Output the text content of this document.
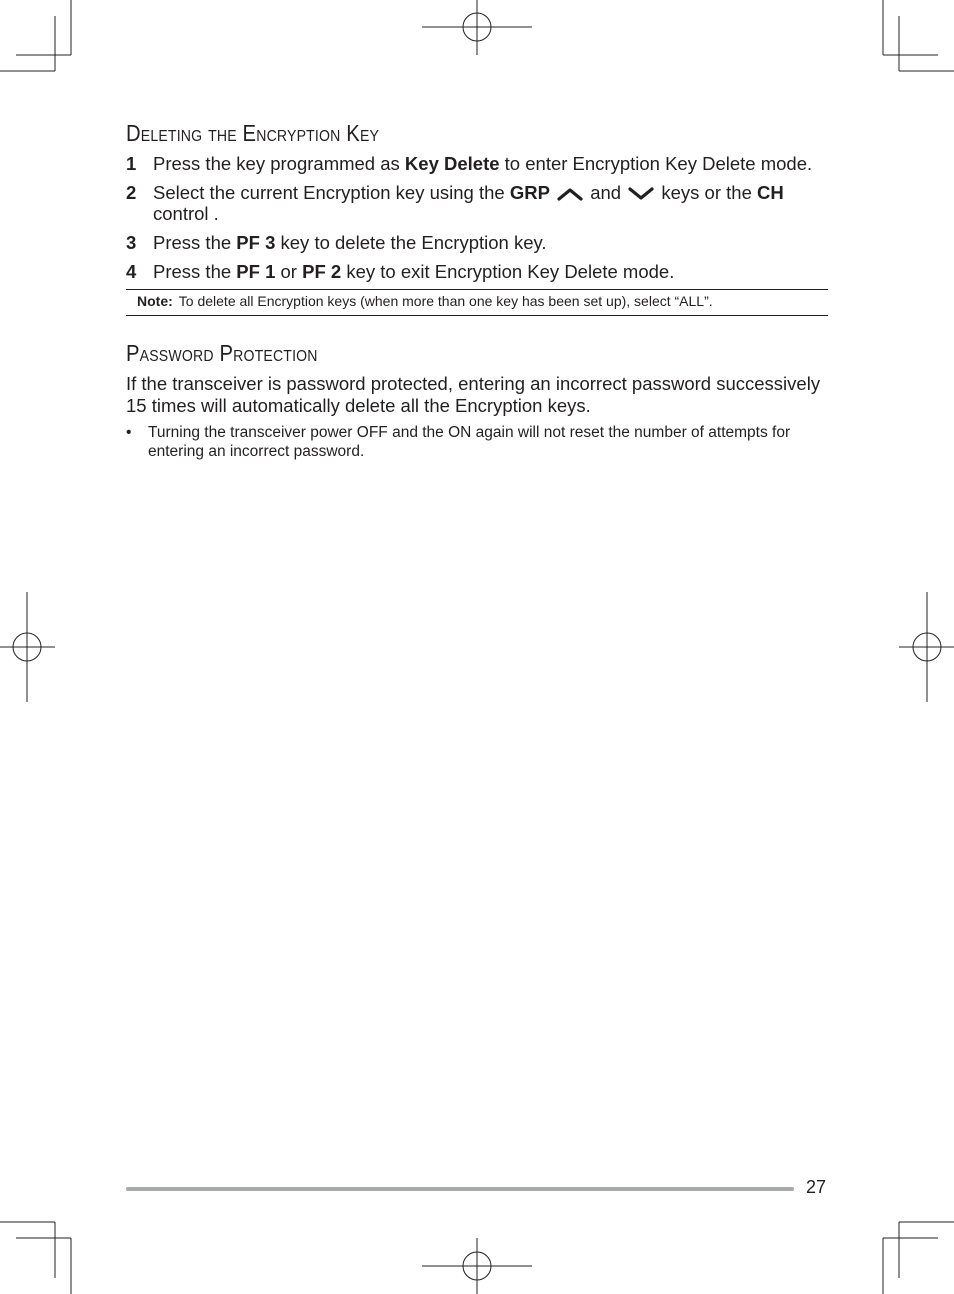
Deleting the Encryption Key
1 Press the key programmed as Key Delete to enter Encryption Key Delete mode.
2 Select the current Encryption key using the GRP  and  keys or the CH control .
3 Press the PF 3 key to delete the Encryption key.
4 Press the PF 1 or PF 2 key to exit Encryption Key Delete mode.
Note: To delete all Encryption keys (when more than one key has been set up), select “ALL”.
Password Protection

If the transceiver is password protected, entering an incorrect password successively 15 times will automatically delete all the Encryption keys.

• Turning the transceiver power OFF and the ON again will not reset the number of attempts for entering an incorrect password.
27
